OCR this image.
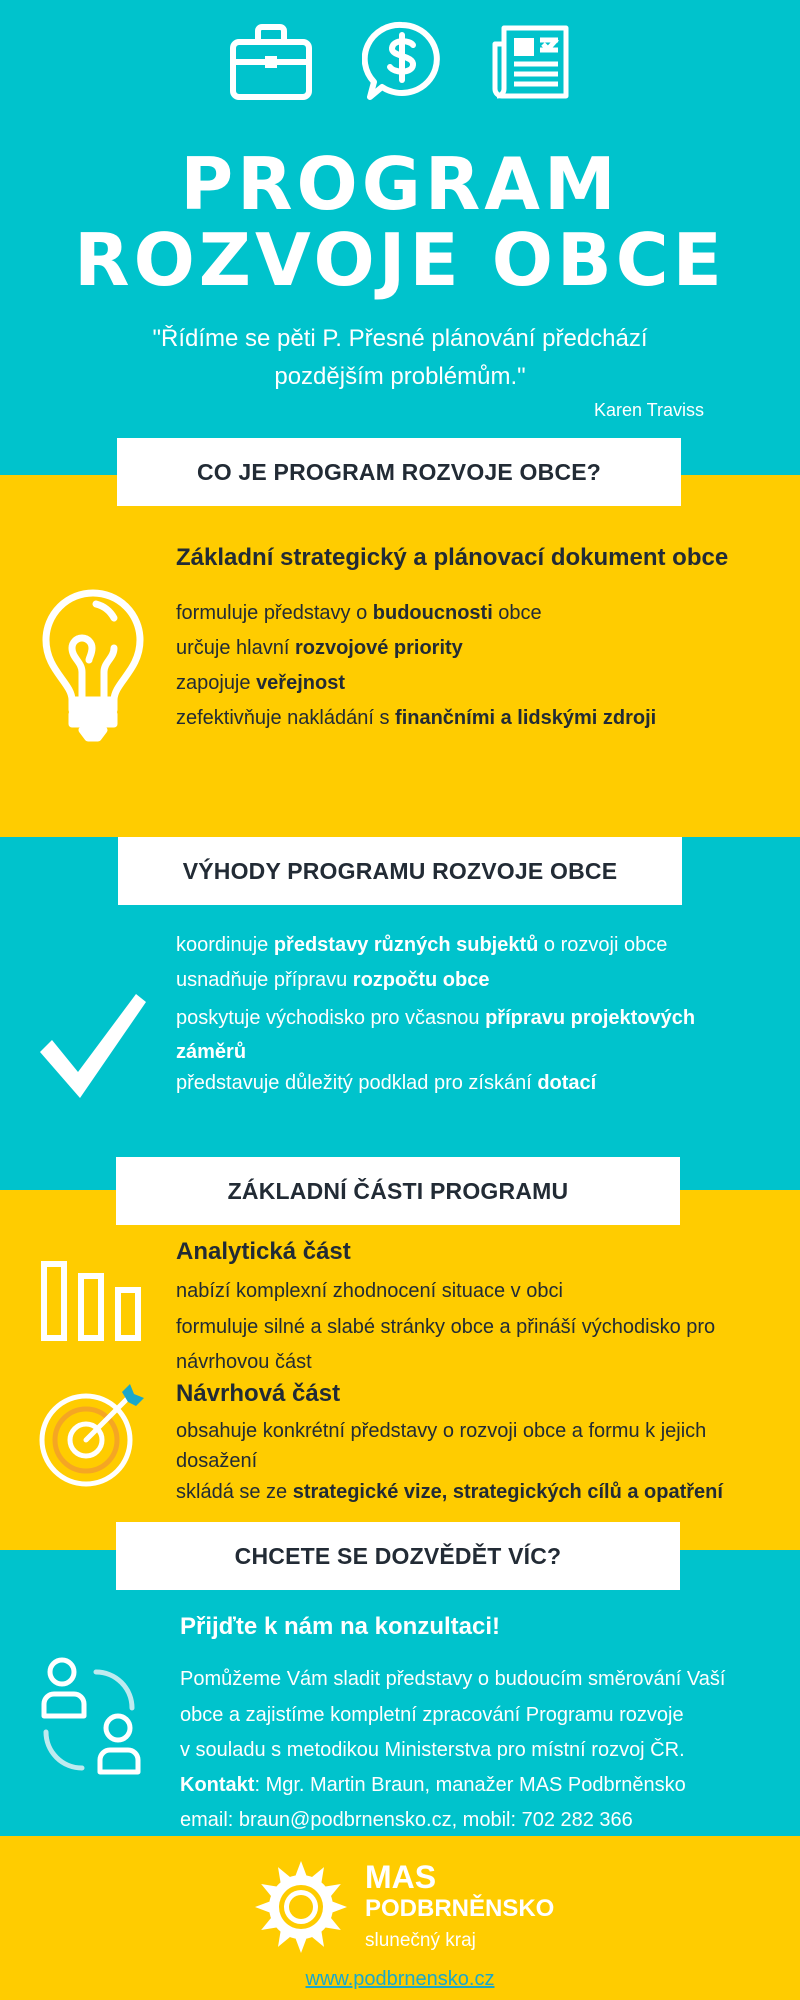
PROGRAM
ROZVOJE OBCE
"Řídíme se pěti P. Přesné plánování předchází
pozdějším problémům."
Karen Traviss
CO JE PROGRAM ROZVOJE OBCE?
Základní strategický a plánovací dokument obce
formuluje představy o budoucnosti obce
určuje hlavní rozvojové priority
zapojuje veřejnost
zefektivňuje nakládání s finančními a lidskými zdroji
VÝHODY PROGRAMU ROZVOJE OBCE
koordinuje představy různých subjektů o rozvoji obce
usnadňuje přípravu rozpočtu obce
poskytuje východisko pro včasnou přípravu projektových záměrů
představuje důležitý podklad pro získání dotací
ZÁKLADNÍ ČÁSTI PROGRAMU
Analytická část
nabízí komplexní zhodnocení situace v obci
formuluje silné a slabé stránky obce a přináší východisko pro návrhovou část
Návrhová část
obsahuje konkrétní představy o rozvoji obce a formu k jejich dosažení
skládá se ze strategické vize, strategických cílů a opatření
CHCETE SE DOZVĚDĚT VÍC?
Přijďte k nám na konzultaci!
Pomůžeme Vám sladit představy o budoucím směrování Vaší
obce a zajistíme kompletní zpracování Programu rozvoje
v souladu s metodikou Ministerstva pro místní rozvoj ČR.
Kontakt: Mgr. Martin Braun, manažer MAS Podbrněnsko
email: braun@podbrnensko.cz, mobil: 702 282 366
MAS
PODBRNĚNSKO
slunečný kraj
www.podbrnensko.cz
